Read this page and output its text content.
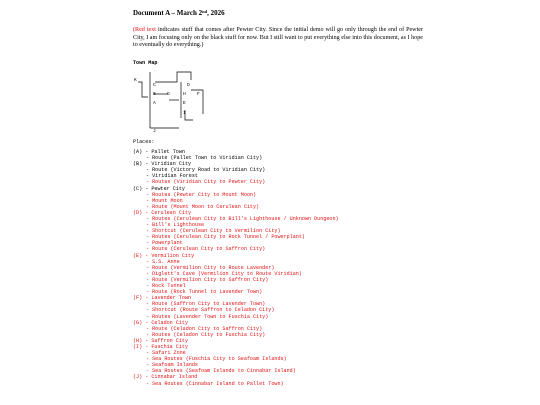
Document A – March 2nd, 2026

(Red text indicates stuff that comes after Pewter City. Since the initial demo will go only through the end of Pewter City, I am focusing only on the black stuff for now. But I still want to put everything else into this document, as I hope to eventually do everything.)

Town Map
K
C	D
B G	H F
A	E
I
J
Places:
(A) - Pallet Town
- Route (Pallet Town to Viridian City)
(B) - Viridian City
- Route (Victory Road to Viridian City)
- Viridian Forest
- Routes (Viridian City to Pewter City)
(C) - Pewter City
- Routes (Pewter City to Mount Moon)
- Mount Moon
- Route (Mount Moon to Cerulean City)
(D) - Cerulean City
- Routes (Cerulean City to Bill's Lighthouse / Unknown Dungeon)
- Bill's Lighthouse
- Shortcut (Cerulean City to Vermilion City)
- Routes (Cerulean City to Rock Tunnel / Powerplant)
- Powerplant
- Route (Cerulean City to Saffron City)
(E) - Vermilion City
- S.S. Anne
- Route (Vermilion City to Route Lavender)
- Diglett's Cave (Vermilion City to Route Viridian)
- Route (Vermilion City to Saffron City)
- Rock Tunnel
- Route (Rock Tunnel to Lavender Town)
(F) - Lavender Town
- Route (Saffron City to Lavender Town)
- Shortcut (Route Saffron to Celadon City)
- Routes (Lavender Town to Fuschia City)
(G) - Celadon City
- Route (Celadon City to Saffron City)
- Routes (Celadon City to Fuschia City)
(H) - Saffron City
(I) - Fuschia City
- Safari Zone
- Sea Routes (Fuschia City to Seafoam Islands)
- Seafoam Islands
- Sea Routes (Seafoam Islands to Cinnabar Island)
(J) - Cinnabar Island
- Sea Routes (Cinnabar Island to Pallet Town)
